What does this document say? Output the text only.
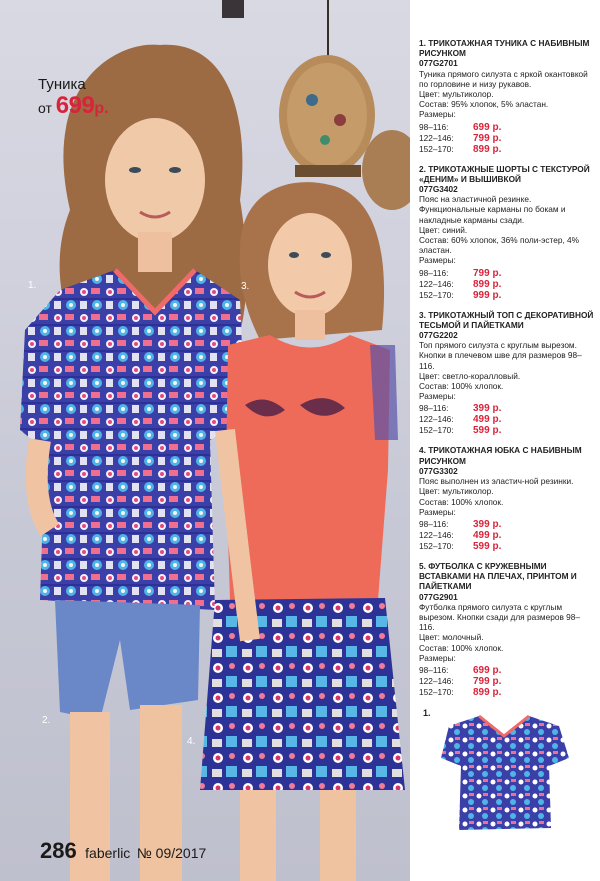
Туника
от 699р.
1.	3.
2.
4.
286 faberlic № 09/2017
1. ТРИКОТАЖНАЯ ТУНИКА С НАБИВНЫМ РИСУНКОМ
077G2701
Туника прямого силуэта с яркой окантовкой по горловине и низу рукавов.
Цвет: мультиколор.
Состав: 95% хлопок, 5% эластан.
Размеры:
98–116:	699 р.
122–146:	799 р.
152–170:	899 р.
2. ТРИКОТАЖНЫЕ ШОРТЫ С ТЕКСТУРОЙ «ДЕНИМ» И ВЫШИВКОЙ
077G3402
Пояс на эластичной резинке. Функциональные карманы по бокам и накладные карманы сзади.
Цвет: синий.
Состав: 60% хлопок, 36% поли-эстер, 4% эластан.
Размеры:
98–116:	799 р.
122–146:	899 р.
152–170:	999 р.
3. ТРИКОТАЖНЫЙ ТОП С ДЕКОРАТИВНОЙ ТЕСЬМОЙ И ПАЙЕТКАМИ
077G2202
Топ прямого силуэта с круглым вырезом. Кнопки в плечевом шве для размеров 98–116.
Цвет: светло-коралловый.
Состав: 100% хлопок.
Размеры:
98–116:	399 р.
122–146:	499 р.
152–170:	599 р.
4. ТРИКОТАЖНАЯ ЮБКА С НАБИВНЫМ РИСУНКОМ
077G3302
Пояс выполнен из эластич-ной резинки.
Цвет: мультиколор.
Состав: 100% хлопок.
Размеры:
98–116:	399 р.
122–146:	499 р.
152–170:	599 р.
5. ФУТБОЛКА С КРУЖЕВНЫМИ ВСТАВКАМИ НА ПЛЕЧАХ, ПРИНТОМ И ПАЙЕТКАМИ
077G2901
Футболка прямого силуэта с круглым вырезом. Кнопки сзади для размеров 98–116.
Цвет: молочный.
Состав: 100% хлопок.
Размеры:
98–116:	699 р.
122–146:	799 р.
152–170:	899 р.
1.
